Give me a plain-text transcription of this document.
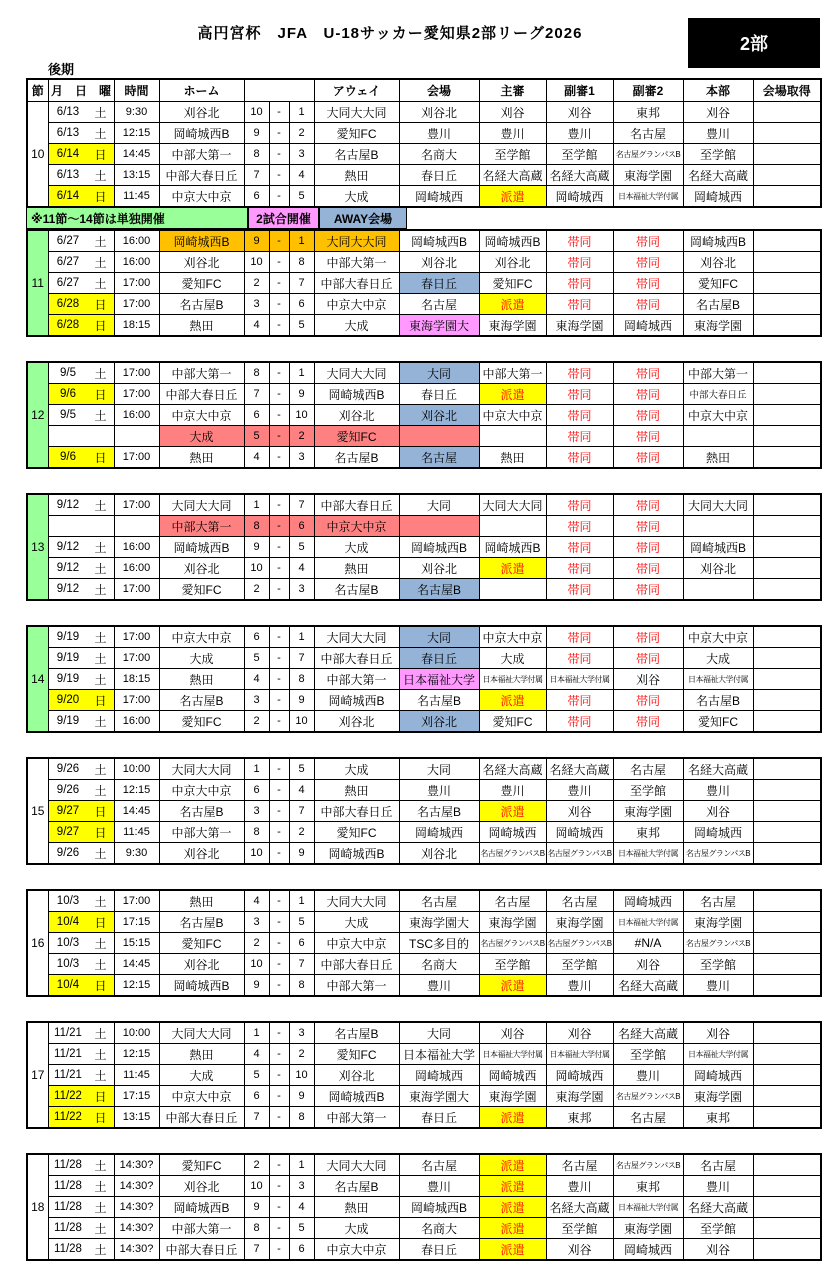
高円宮杯　JFA　U-18サッカー愛知県2部リーグ2026
2部
後期
節	月　日　曜	時間	ホーム				アウェイ	会場	主審	副審1	副審2	本部	会場取得
10	6/13 土	9:30	刈谷北	10	-	1	大同大大同	刈谷北	刈谷	刈谷	東邦	刈谷	

	6/13 土	12:15	岡崎城西B	9	-	2	愛知FC	豊川	豊川	豊川	名古屋	豊川	

	6/14 日	14:45	中部大第一	8	-	3	名古屋B	名商大	至学館	至学館	名古屋グランパスB	至学館	

	6/13 土	13:15	中部大春日丘	7	-	4	熱田	春日丘	名経大高蔵	名経大高蔵	東海学園	名経大高蔵	

	6/14 日	11:45	中京大中京	6	-	5	大成	岡崎城西	派遣	岡崎城西	日本福祉大学付属	岡崎城西	
※11節～14節は単独開催	2試合開催	AWAY会場
11	6/27 土	16:00	岡崎城西B	9	-	1	大同大大同	岡崎城西B	岡崎城西B	帯同	帯同	岡崎城西B	

	6/27 土	16:00	刈谷北	10	-	8	中部大第一	刈谷北	刈谷北	帯同	帯同	刈谷北	

	6/27 土	17:00	愛知FC	2	-	7	中部大春日丘	春日丘	愛知FC	帯同	帯同	愛知FC	

	6/28 日	17:00	名古屋B	3	-	6	中京大中京	名古屋	派遣	帯同	帯同	名古屋B	

	6/28 日	18:15	熱田	4	-	5	大成	東海学園大	東海学園	東海学園	岡崎城西	東海学園	
12	9/5 土	17:00	中部大第一	8	-	1	大同大大同	大同	中部大第一	帯同	帯同	中部大第一	

	9/6 日	17:00	中部大春日丘	7	-	9	岡崎城西B	春日丘	派遣	帯同	帯同	中部大春日丘	

	9/5 土	16:00	中京大中京	6	-	10	刈谷北	刈谷北	中京大中京	帯同	帯同	中京大中京	

			大成	5	-	2	愛知FC			帯同	帯同		

	9/6 日	17:00	熱田	4	-	3	名古屋B	名古屋	熱田	帯同	帯同	熱田	
13	9/12 土	17:00	大同大大同	1	-	7	中部大春日丘	大同	大同大大同	帯同	帯同	大同大大同	

			中部大第一	8	-	6	中京大中京			帯同	帯同		

	9/12 土	16:00	岡崎城西B	9	-	5	大成	岡崎城西B	岡崎城西B	帯同	帯同	岡崎城西B	

	9/12 土	16:00	刈谷北	10	-	4	熱田	刈谷北	派遣	帯同	帯同	刈谷北	

	9/12 土	17:00	愛知FC	2	-	3	名古屋B	名古屋B		帯同	帯同		
14	9/19 土	17:00	中京大中京	6	-	1	大同大大同	大同	中京大中京	帯同	帯同	中京大中京	

	9/19 土	17:00	大成	5	-	7	中部大春日丘	春日丘	大成	帯同	帯同	大成	

	9/19 土	18:15	熱田	4	-	8	中部大第一	日本福祉大学	日本福祉大学付属	日本福祉大学付属	刈谷	日本福祉大学付属	

	9/20 日	17:00	名古屋B	3	-	9	岡崎城西B	名古屋B	派遣	帯同	帯同	名古屋B	

	9/19 土	16:00	愛知FC	2	-	10	刈谷北	刈谷北	愛知FC	帯同	帯同	愛知FC	
15	9/26 土	10:00	大同大大同	1	-	5	大成	大同	名経大高蔵	名経大高蔵	名古屋	名経大高蔵	

	9/26 土	12:15	中京大中京	6	-	4	熱田	豊川	豊川	豊川	至学館	豊川	

	9/27 日	14:45	名古屋B	3	-	7	中部大春日丘	名古屋B	派遣	刈谷	東海学園	刈谷	

	9/27 日	11:45	中部大第一	8	-	2	愛知FC	岡崎城西	岡崎城西	岡崎城西	東邦	岡崎城西	

	9/26 土	9:30	刈谷北	10	-	9	岡崎城西B	刈谷北	名古屋グランパスB	名古屋グランパスB	日本福祉大学付属	名古屋グランパスB	
16	10/3 土	17:00	熱田	4	-	1	大同大大同	名古屋	名古屋	名古屋	岡崎城西	名古屋	

	10/4 日	17:15	名古屋B	3	-	5	大成	東海学園大	東海学園	東海学園	日本福祉大学付属	東海学園	

	10/3 土	15:15	愛知FC	2	-	6	中京大中京	TSC多目的	名古屋グランパスB	名古屋グランパスB	#N/A	名古屋グランパスB	

	10/3 土	14:45	刈谷北	10	-	7	中部大春日丘	名商大	至学館	至学館	刈谷	至学館	

	10/4 日	12:15	岡崎城西B	9	-	8	中部大第一	豊川	派遣	豊川	名経大高蔵	豊川	
17	11/21 土	10:00	大同大大同	1	-	3	名古屋B	大同	刈谷	刈谷	名経大高蔵	刈谷	

	11/21 土	12:15	熱田	4	-	2	愛知FC	日本福祉大学	日本福祉大学付属	日本福祉大学付属	至学館	日本福祉大学付属	

	11/21 土	11:45	大成	5	-	10	刈谷北	岡崎城西	岡崎城西	岡崎城西	豊川	岡崎城西	

	11/22 日	17:15	中京大中京	6	-	9	岡崎城西B	東海学園大	東海学園	東海学園	名古屋グランパスB	東海学園	

	11/22 日	13:15	中部大春日丘	7	-	8	中部大第一	春日丘	派遣	東邦	名古屋	東邦	
18	11/28 土	14:30?	愛知FC	2	-	1	大同大大同	名古屋	派遣	名古屋	名古屋グランパスB	名古屋	

	11/28 土	14:30?	刈谷北	10	-	3	名古屋B	豊川	派遣	豊川	東邦	豊川	

	11/28 土	14:30?	岡崎城西B	9	-	4	熱田	岡崎城西B	派遣	名経大高蔵	日本福祉大学付属	名経大高蔵	

	11/28 土	14:30?	中部大第一	8	-	5	大成	名商大	派遣	至学館	東海学園	至学館	

	11/28 土	14:30?	中部大春日丘	7	-	6	中京大中京	春日丘	派遣	刈谷	岡崎城西	刈谷	
